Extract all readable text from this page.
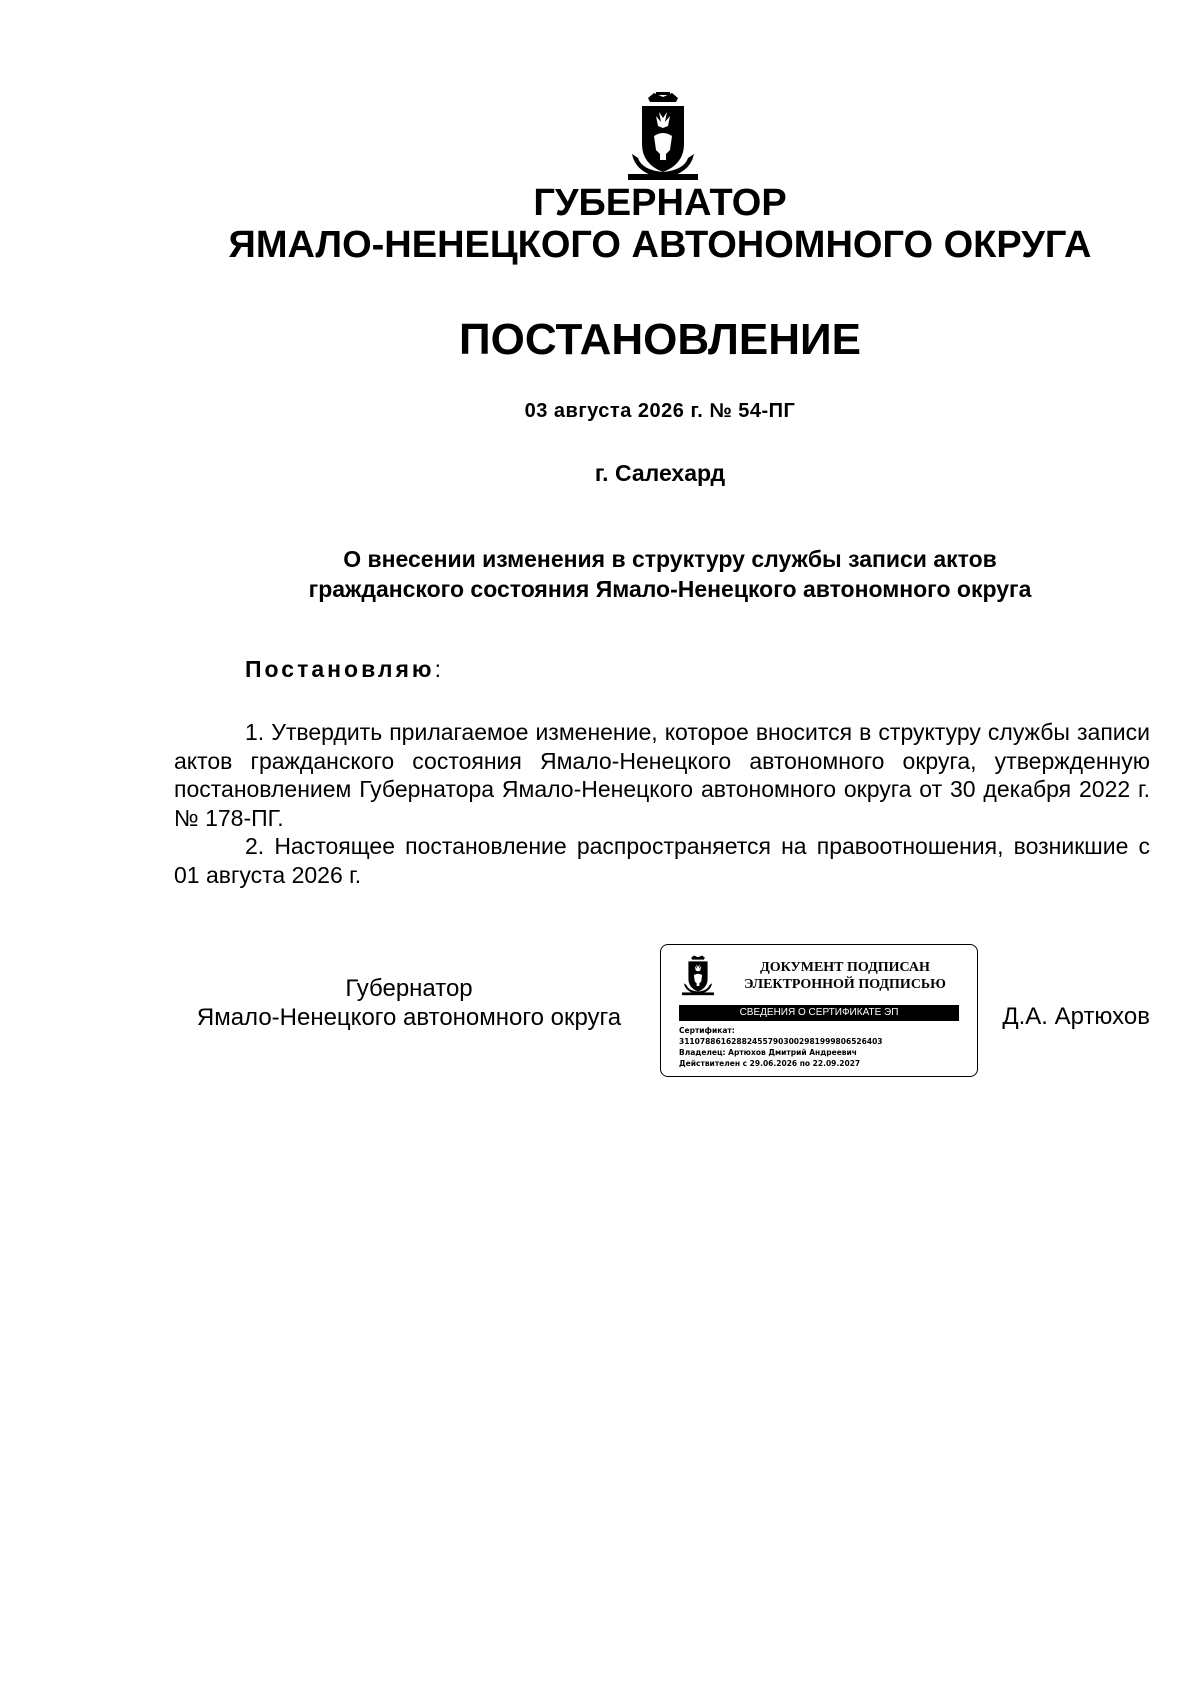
ГУБЕРНАТОР
ЯМАЛО-НЕНЕЦКОГО АВТОНОМНОГО ОКРУГА
ПОСТАНОВЛЕНИЕ
03 августа 2026 г. № 54-ПГ
г. Салехард
О внесении изменения в структуру службы записи актов
гражданского состояния Ямало-Ненецкого автономного округа
Постановляю:

1. Утвердить прилагаемое изменение, которое вносится в структуру службы записи актов гражданского состояния Ямало-Ненецкого автономного округа, утвержденную постановлением Губернатора Ямало-Ненецкого автономного округа от 30 декабря 2022 г. № 178-ПГ.

2. Настоящее постановление распространяется на правоотношения, возникшие с 01 августа 2026 г.

Губернатор
Ямало-Ненецкого автономного округа
ДОКУМЕНТ ПОДПИСАН
ЭЛЕКТРОННОЙ ПОДПИСЬЮ
СВЕДЕНИЯ О СЕРТИФИКАТЕ ЭП
Сертификат:
311078861628824557903002981999806526403
Владелец: Артюхов Дмитрий Андреевич
Действителен с 29.06.2026 по 22.09.2027
Д.А. Артюхов
